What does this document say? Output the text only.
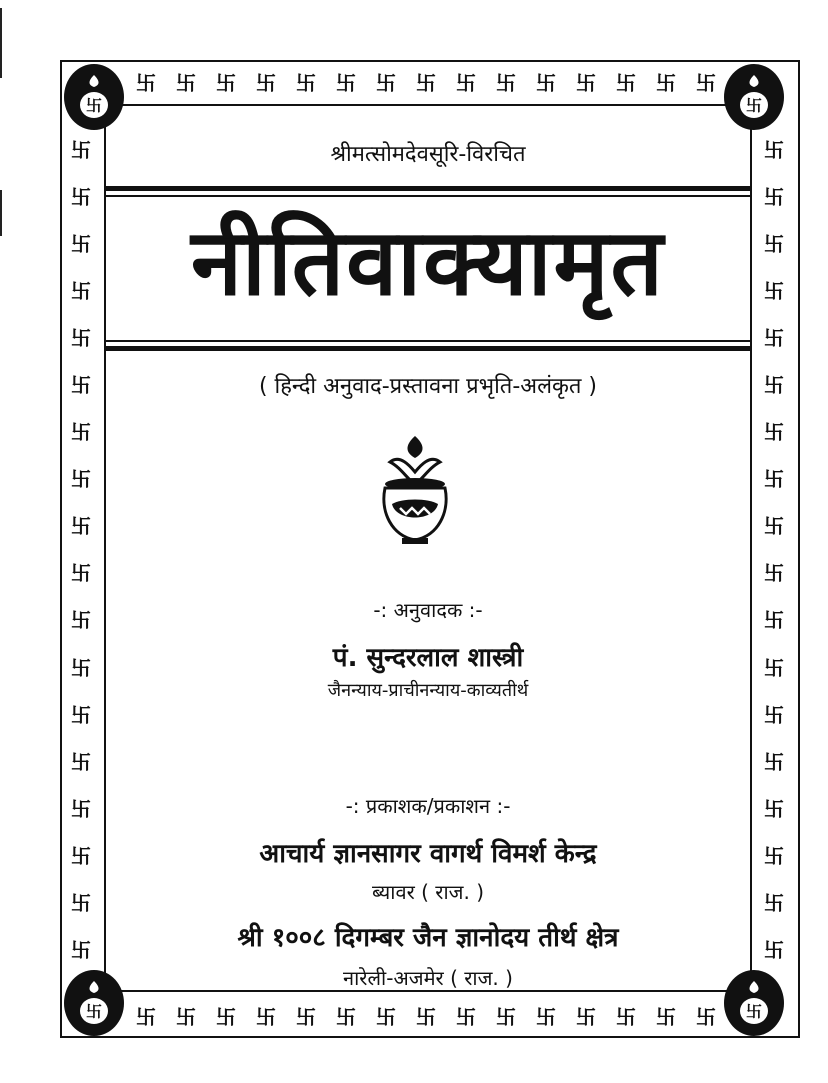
卐 卐 卐 卐 卐 卐 卐 卐 卐 卐 卐 卐 卐 卐 卐
卐 卐 卐 卐 卐 卐 卐 卐 卐 卐 卐 卐 卐 卐 卐
卐
卐
卐
卐
卐
卐
卐
卐
卐
卐
卐
卐
卐
卐
卐
卐
卐
卐
卐
卐
卐
卐
卐
卐
卐
卐
卐
卐
卐
卐
卐
卐
卐
卐
卐
卐
卐	卐
卐	卐
श्रीमत्सोमदेवसूरि-विरचित
नीतिवाक्यामृत
( हिन्दी अनुवाद-प्रस्तावना प्रभृति-अलंकृत )
-: अनुवादक :-
पं. सुन्दरलाल शास्त्री
जैनन्याय-प्राचीनन्याय-काव्यतीर्थ
-: प्रकाशक/प्रकाशन :-
आचार्य ज्ञानसागर वागर्थ विमर्श केन्द्र
ब्यावर ( राज. )
श्री १००८ दिगम्बर जैन ज्ञानोदय तीर्थ क्षेत्र
नारेली-अजमेर ( राज. )
